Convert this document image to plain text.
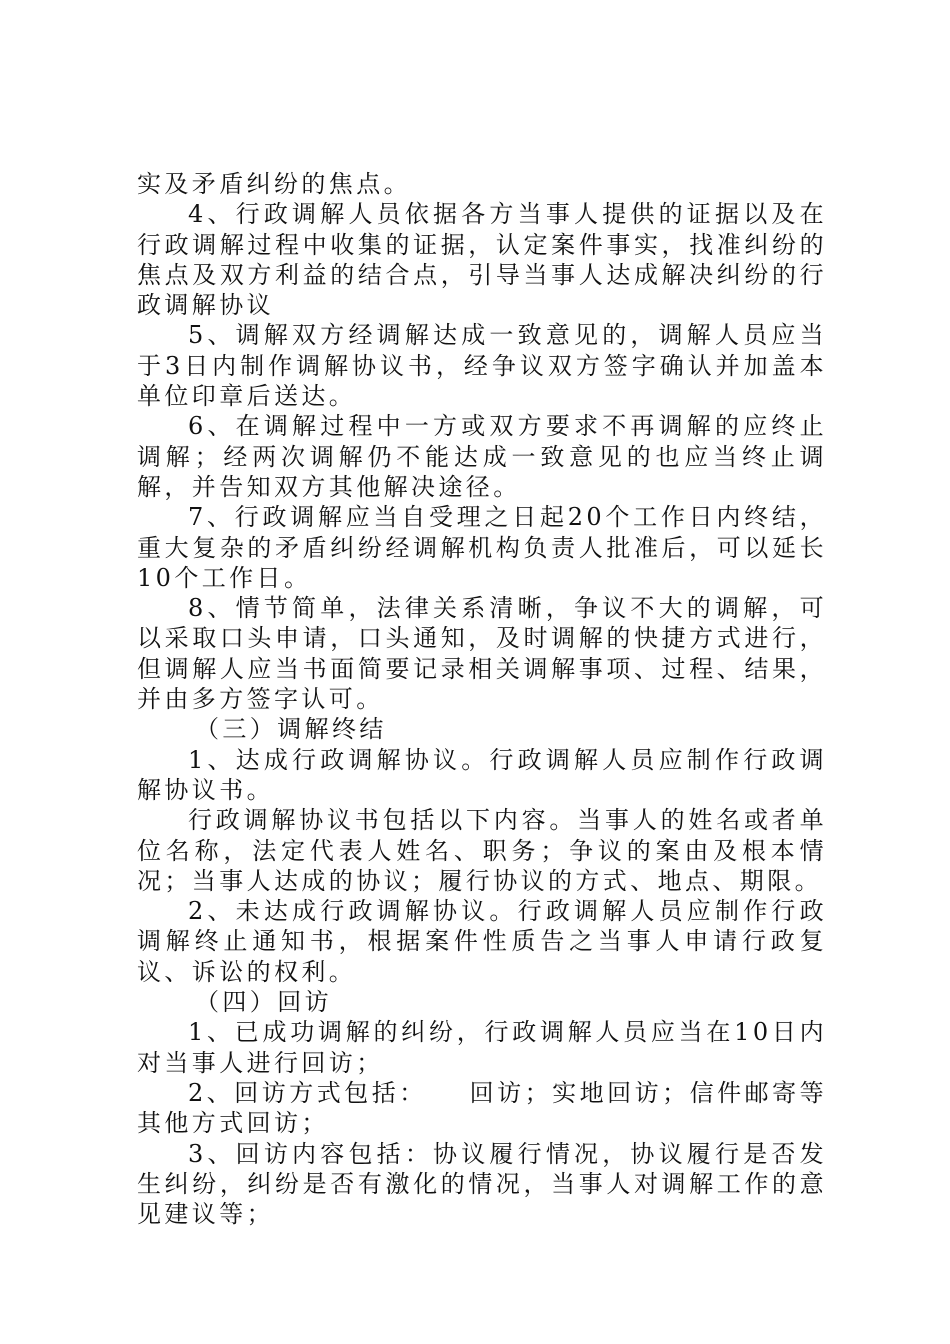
实及矛盾纠纷的焦点。

4、行政调解人员依据各方当事人提供的证据以及在行政调解过程中收集的证据，认定案件事实，找准纠纷的焦点及双方利益的结合点，引导当事人达成解决纠纷的行政调解协议

5、调解双方经调解达成一致意见的，调解人员应当于3日内制作调解协议书，经争议双方签字确认并加盖本单位印章后送达。

6、在调解过程中一方或双方要求不再调解的应终止调解；经两次调解仍不能达成一致意见的也应当终止调解，并告知双方其他解决途径。

7、行政调解应当自受理之日起20个工作日内终结，重大复杂的矛盾纠纷经调解机构负责人批准后，可以延长10个工作日。

8、情节简单，法律关系清晰，争议不大的调解，可以采取口头申请，口头通知，及时调解的快捷方式进行，但调解人应当书面简要记录相关调解事项、过程、结果，并由多方签字认可。

（三）调解终结

1、达成行政调解协议。行政调解人员应制作行政调解协议书。

行政调解协议书包括以下内容。当事人的姓名或者单位名称，法定代表人姓名、职务；争议的案由及根本情况；当事人达成的协议；履行协议的方式、地点、期限。

2、未达成行政调解协议。行政调解人员应制作行政调解终止通知书，根据案件性质告之当事人申请行政复议、诉讼的权利。

（四）回访

1、已成功调解的纠纷，行政调解人员应当在10日内对当事人进行回访；

2、回访方式包括：　　回访；实地回访；信件邮寄等其他方式回访；

3、回访内容包括：协议履行情况，协议履行是否发生纠纷，纠纷是否有激化的情况，当事人对调解工作的意见建议等；
